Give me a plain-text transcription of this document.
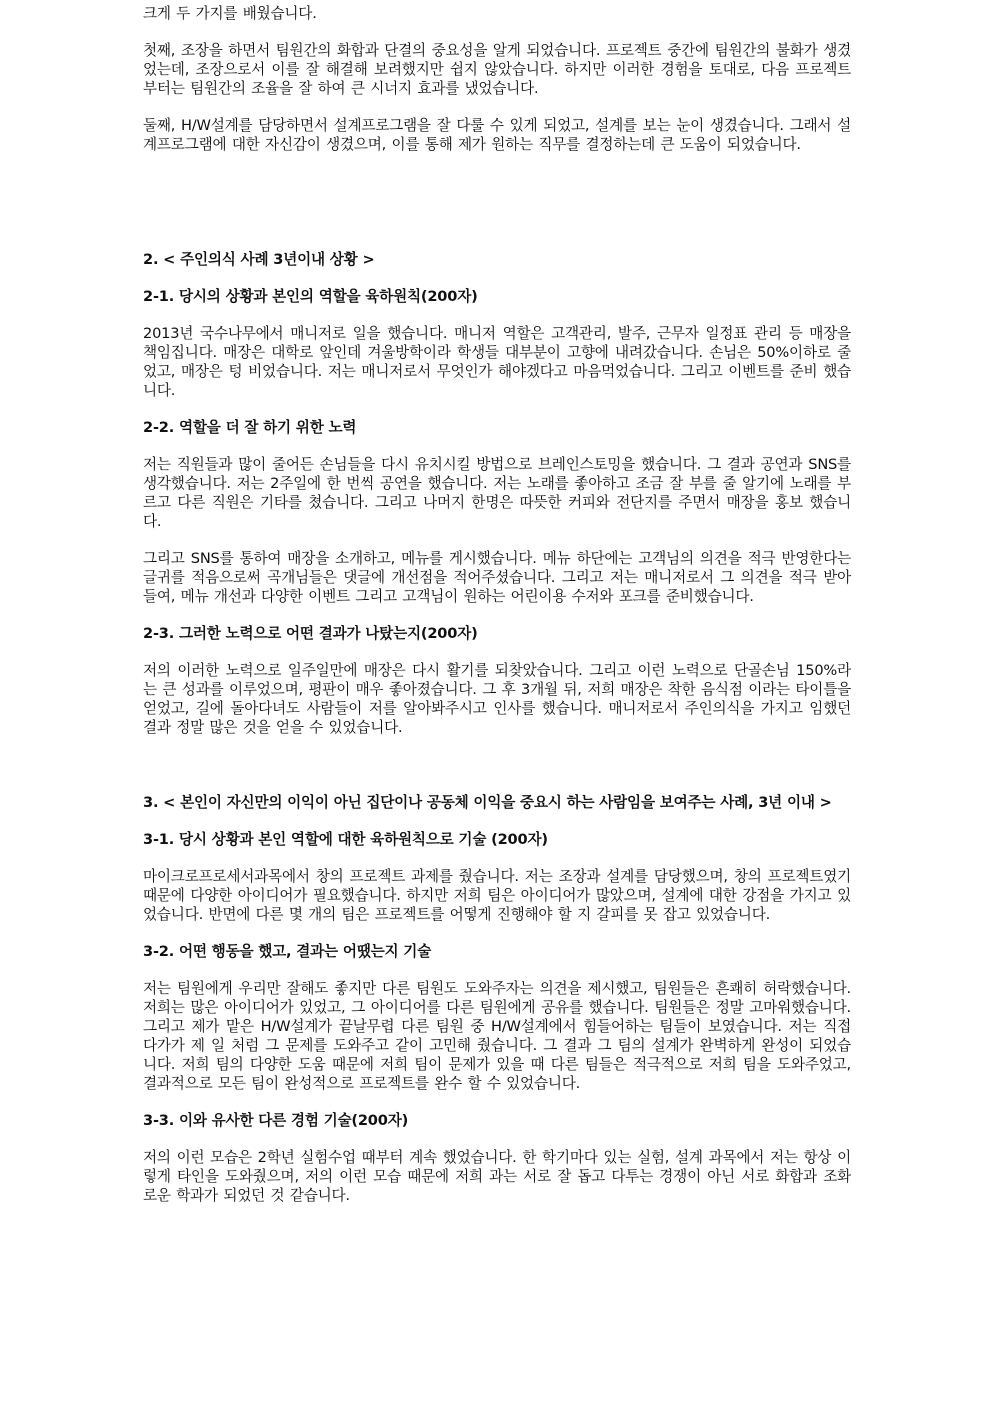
크게 두 가지를 배웠습니다.

첫째, 조장을 하면서 팀원간의 화합과 단결의 중요성을 알게 되었습니다. 프로젝트 중간에 팀원간의 불화가 생겼었는데, 조장으로서 이를 잘 해결해 보려했지만 쉽지 않았습니다. 하지만 이러한 경험을 토대로, 다음 프로젝트부터는 팀원간의 조율을 잘 하여 큰 시너지 효과를 냈었습니다.

둘째, H/W설계를 담당하면서 설계프로그램을 잘 다룰 수 있게 되었고, 설계를 보는 눈이 생겼습니다. 그래서 설계프로그램에 대한 자신감이 생겼으며, 이를 통해 제가 원하는 직무를 결정하는데 큰 도움이 되었습니다.

2. < 주인의식 사례 3년이내 상황 >
2-1. 당시의 상황과 본인의 역할을 육하원칙(200자)

2013년 국수나무에서 매니저로 일을 했습니다. 매니저 역할은 고객관리, 발주, 근무자 일정표 관리 등 매장을 책임집니다. 매장은 대학로 앞인데 겨울방학이라 학생들 대부분이 고향에 내려갔습니다. 손님은 50%이하로 줄었고, 매장은 텅 비었습니다. 저는 매니저로서 무엇인가 해야겠다고 마음먹었습니다. 그리고 이벤트를 준비 했습니다.

2-2. 역할을 더 잘 하기 위한 노력

저는 직원들과 많이 줄어든 손님들을 다시 유치시킬 방법으로 브레인스토밍을 했습니다. 그 결과 공연과 SNS를 생각했습니다. 저는 2주일에 한 번씩 공연을 했습니다. 저는 노래를 좋아하고 조금 잘 부를 줄 알기에 노래를 부르고 다른 직원은 기타를 쳤습니다. 그리고 나머지 한명은 따뜻한 커피와 전단지를 주면서 매장을 홍보 했습니다.

그리고 SNS를 통하여 매장을 소개하고, 메뉴를 게시했습니다. 메뉴 하단에는 고객님의 의견을 적극 반영한다는 글귀를 적음으로써 곡개님들은 댓글에 개선점을 적어주셨습니다. 그리고 저는 매니저로서 그 의견을 적극 받아들여, 메뉴 개선과 다양한 이벤트 그리고 고객님이 원하는 어린이용 수저와 포크를 준비했습니다.

2-3. 그러한 노력으로 어떤 결과가 나탔는지(200자)

저의 이러한 노력으로 일주일만에 매장은 다시 활기를 되찾았습니다. 그리고 이런 노력으로 단골손님 150%라는 큰 성과를 이루었으며, 평판이 매우 좋아졌습니다. 그 후 3개월 뒤, 저희 매장은 착한 음식점 이라는 타이틀을 얻었고, 길에 돌아다녀도 사람들이 저를 알아봐주시고 인사를 했습니다. 매니저로서 주인의식을 가지고 임했던 결과 정말 많은 것을 얻을 수 있었습니다.

3. < 본인이 자신만의 이익이 아닌 집단이나 공동체 이익을 중요시 하는 사람임을 보여주는 사례, 3년 이내 >
3-1. 당시 상황과 본인 역할에 대한 육하원칙으로 기술 (200자)

마이크로프로세서과목에서 창의 프로젝트 과제를 줬습니다. 저는 조장과 설계를 담당했으며, 창의 프로젝트였기 때문에 다양한 아이디어가 필요했습니다. 하지만 저희 팀은 아이디어가 많았으며, 설계에 대한 강점을 가지고 있었습니다. 반면에 다른 몇 개의 팀은 프로젝트를 어떻게 진행해야 할 지 갈피를 못 잡고 있었습니다.

3-2. 어떤 행동을 했고, 결과는 어땠는지 기술

저는 팀원에게 우리만 잘해도 좋지만 다른 팀원도 도와주자는 의견을 제시했고, 팀원들은 흔쾌히 허락했습니다. 저희는 많은 아이디어가 있었고, 그 아이디어를 다른 팀원에게 공유를 했습니다. 팀원들은 정말 고마워했습니다. 그리고 제가 맡은 H/W설계가 끝날무렵 다른 팀원 중 H/W설계에서 힘들어하는 팀들이 보였습니다. 저는 직접 다가가 제 일 처럼 그 문제를 도와주고 같이 고민해 줬습니다. 그 결과 그 팀의 설계가 완벽하게 완성이 되었습니다. 저희 팀의 다양한 도움 때문에 저희 팀이 문제가 있을 때 다른 팀들은 적극적으로 저희 팀을 도와주었고, 결과적으로 모든 팀이 완성적으로 프로젝트를 완수 할 수 있었습니다.

3-3. 이와 유사한 다른 경험 기술(200자)

저의 이런 모습은 2학년 실험수업 때부터 계속 했었습니다. 한 학기마다 있는 실험, 설계 과목에서 저는 항상 이렇게 타인을 도와줬으며, 저의 이런 모습 때문에 저희 과는 서로 잘 돕고 다투는 경쟁이 아닌 서로 화합과 조화로운 학과가 되었던 것 같습니다.
